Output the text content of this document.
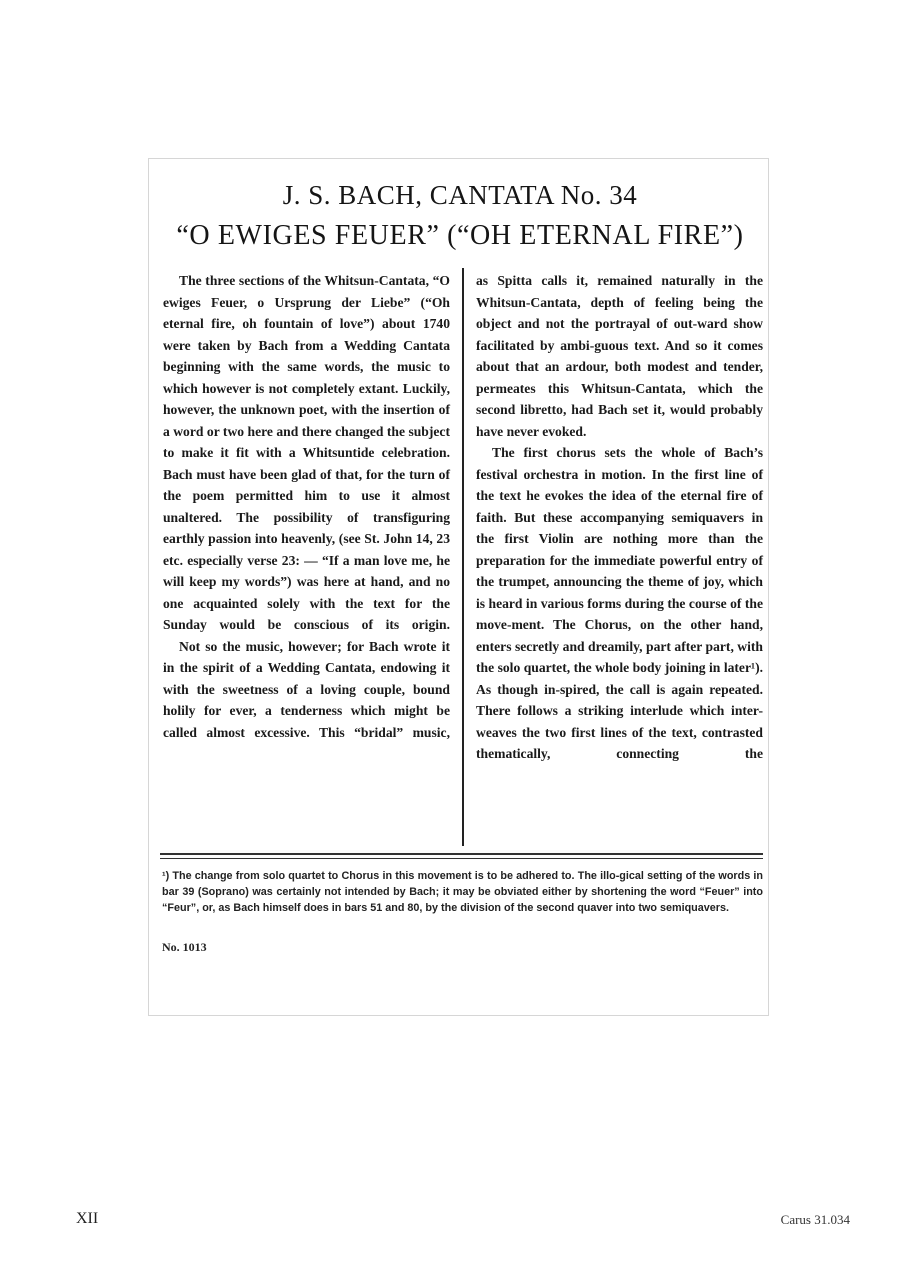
J. S. BACH, CANTATA No. 34
“O EWIGES FEUER” (“OH ETERNAL FIRE”)

The three sections of the Whitsun-Cantata, “O ewiges Feuer, o Ursprung der Liebe” (“Oh eternal fire, oh fountain of love”) about 1740 were taken by Bach from a Wedding Cantata beginning with the same words, the music to which however is not completely extant. Luckily, however, the unknown poet, with the insertion of a word or two here and there changed the subject to make it fit with a Whitsuntide celebration. Bach must have been glad of that, for the turn of the poem permitted him to use it almost unaltered. The possibility of transfiguring earthly passion into heavenly, (see St. John 14, 23 etc. especially verse 23: — “If a man love me, he will keep my words”) was here at hand, and no one acquainted solely with the text for the Sunday would be conscious of its origin.

Not so the music, however; for Bach wrote it in the spirit of a Wedding Cantata, endowing it with the sweetness of a loving couple, bound holily for ever, a tenderness which might be called almost excessive. This “bridal” music,

as Spitta calls it, remained naturally in the Whitsun-Cantata, depth of feeling being the object and not the portrayal of out-ward show facilitated by ambi-guous text. And so it comes about that an ardour, both modest and tender, permeates this Whitsun-Cantata, which the second libretto, had Bach set it, would probably have never evoked.

The first chorus sets the whole of Bach’s festival orchestra in motion. In the first line of the text he evokes the idea of the eternal fire of faith. But these accompanying semiquavers in the first Violin are nothing more than the preparation for the immediate powerful entry of the trumpet, announcing the theme of joy, which is heard in various forms during the course of the move-ment. The Chorus, on the other hand, enters secretly and dreamily, part after part, with the solo quartet, the whole body joining in later¹). As though in-spired, the call is again repeated. There follows a striking interlude which inter-weaves the two first lines of the text, contrasted thematically, connecting the

¹) The change from solo quartet to Chorus in this movement is to be adhered to. The illo-gical setting of the words in bar 39 (Soprano) was certainly not intended by Bach; it may be obviated either by shortening the word “Feuer” into “Feur”, or, as Bach himself does in bars 51 and 80, by the division of the second quaver into two semiquavers.
No. 1013
XII	Carus 31.034
